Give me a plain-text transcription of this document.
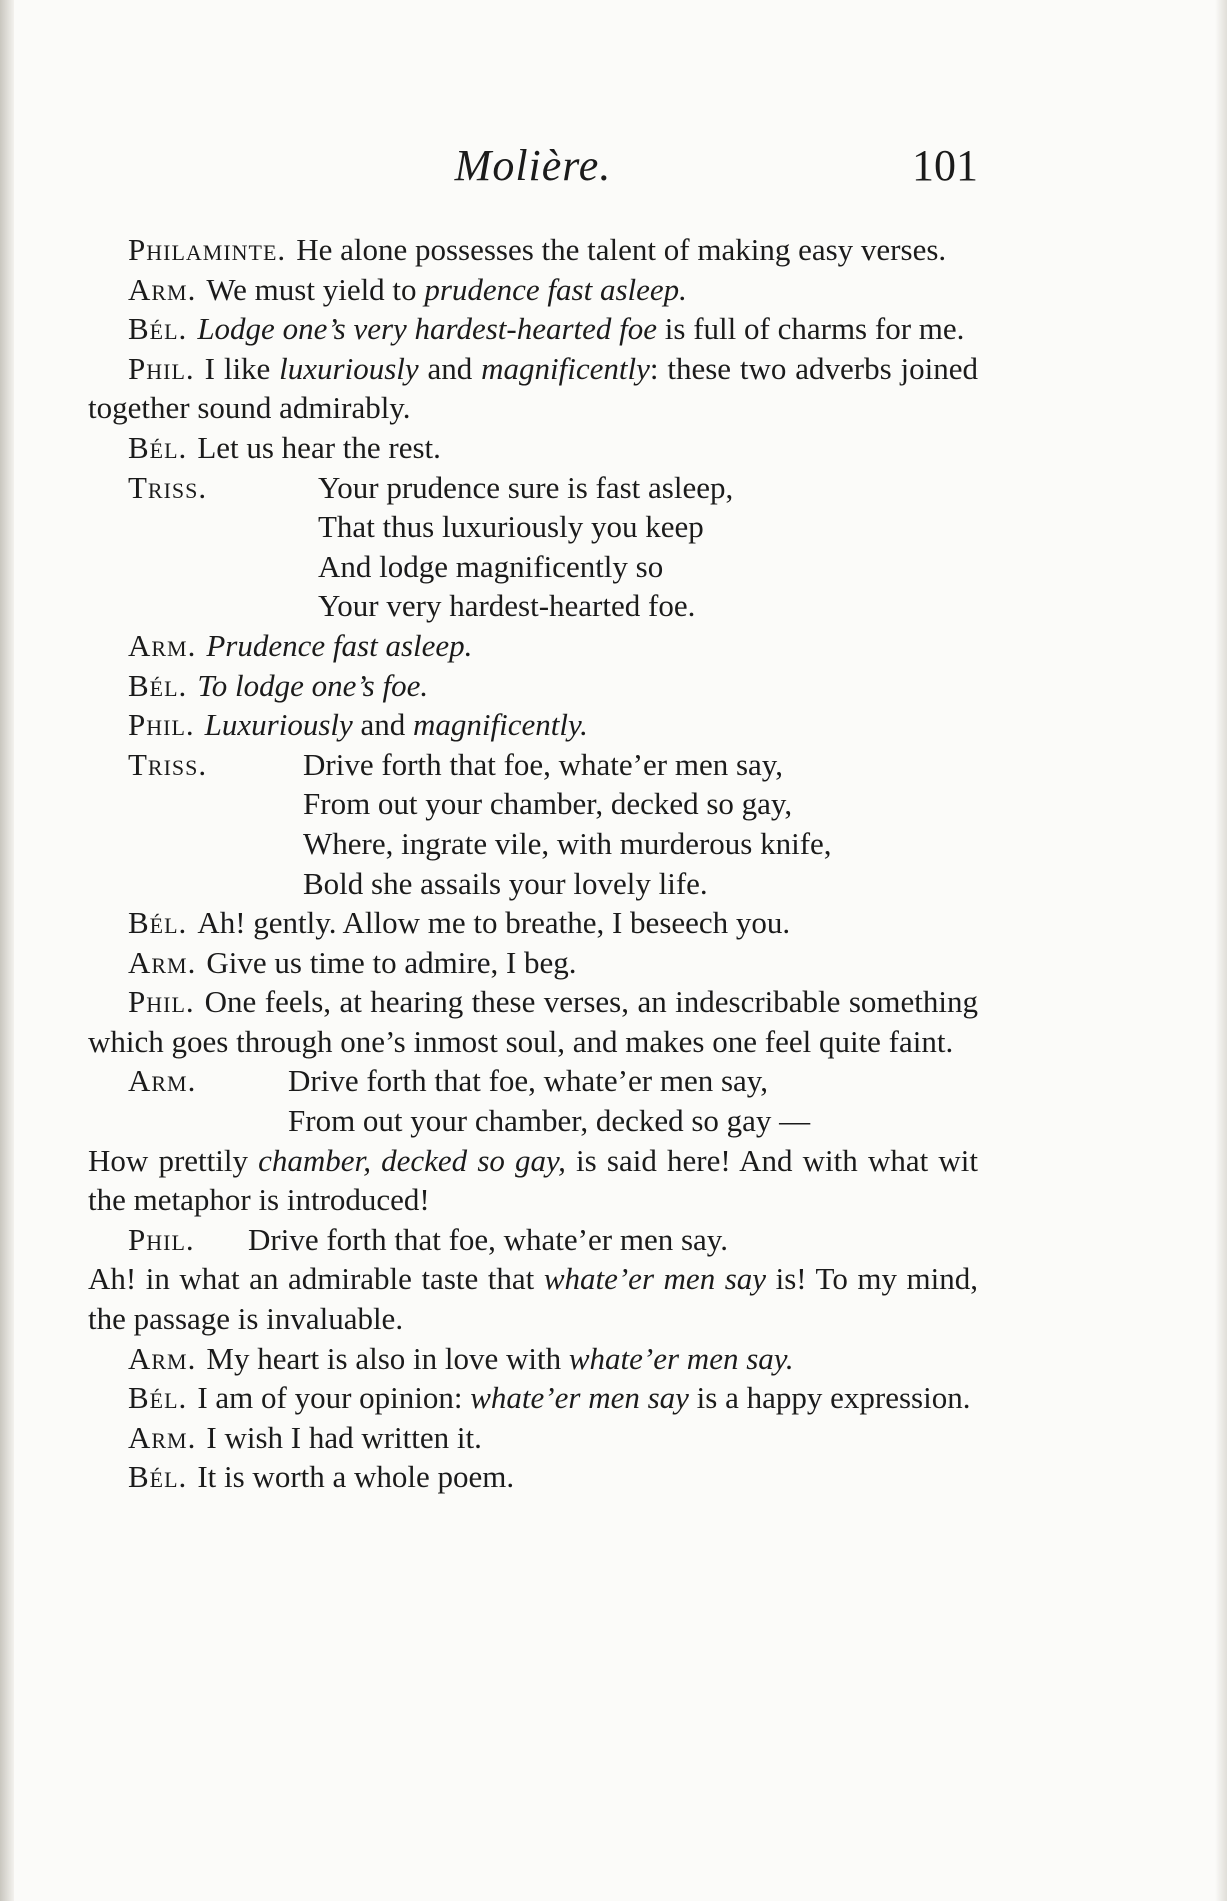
Molière.	101

Philaminte. He alone possesses the talent of making easy verses.

Arm. We must yield to prudence fast asleep.

Bél. Lodge one’s very hardest-hearted foe is full of charms for me.

Phil. I like luxuriously and magnificently: these two adverbs joined together sound admirably.

Bél. Let us hear the rest.

Triss.	Your prudence sure is fast asleep,
That thus luxuriously you keep
And lodge magnificently so
Your very hardest-hearted foe.

Arm. Prudence fast asleep.

Bél. To lodge one’s foe.

Phil. Luxuriously and magnificently.

Triss.	Drive forth that foe, whate’er men say,
From out your chamber, decked so gay,
Where, ingrate vile, with murderous knife,
Bold she assails your lovely life.

Bél. Ah! gently. Allow me to breathe, I beseech you.

Arm. Give us time to admire, I beg.

Phil. One feels, at hearing these verses, an indescribable something which goes through one’s inmost soul, and makes one feel quite faint.

Arm.	Drive forth that foe, whate’er men say,
From out your chamber, decked so gay —

How prettily chamber, decked so gay, is said here! And with what wit the metaphor is introduced!

Phil.	Drive forth that foe, whate’er men say.

Ah! in what an admirable taste that whate’er men say is! To my mind, the passage is invaluable.

Arm. My heart is also in love with whate’er men say.

Bél. I am of your opinion: whate’er men say is a happy expression.

Arm. I wish I had written it.

Bél. It is worth a whole poem.
